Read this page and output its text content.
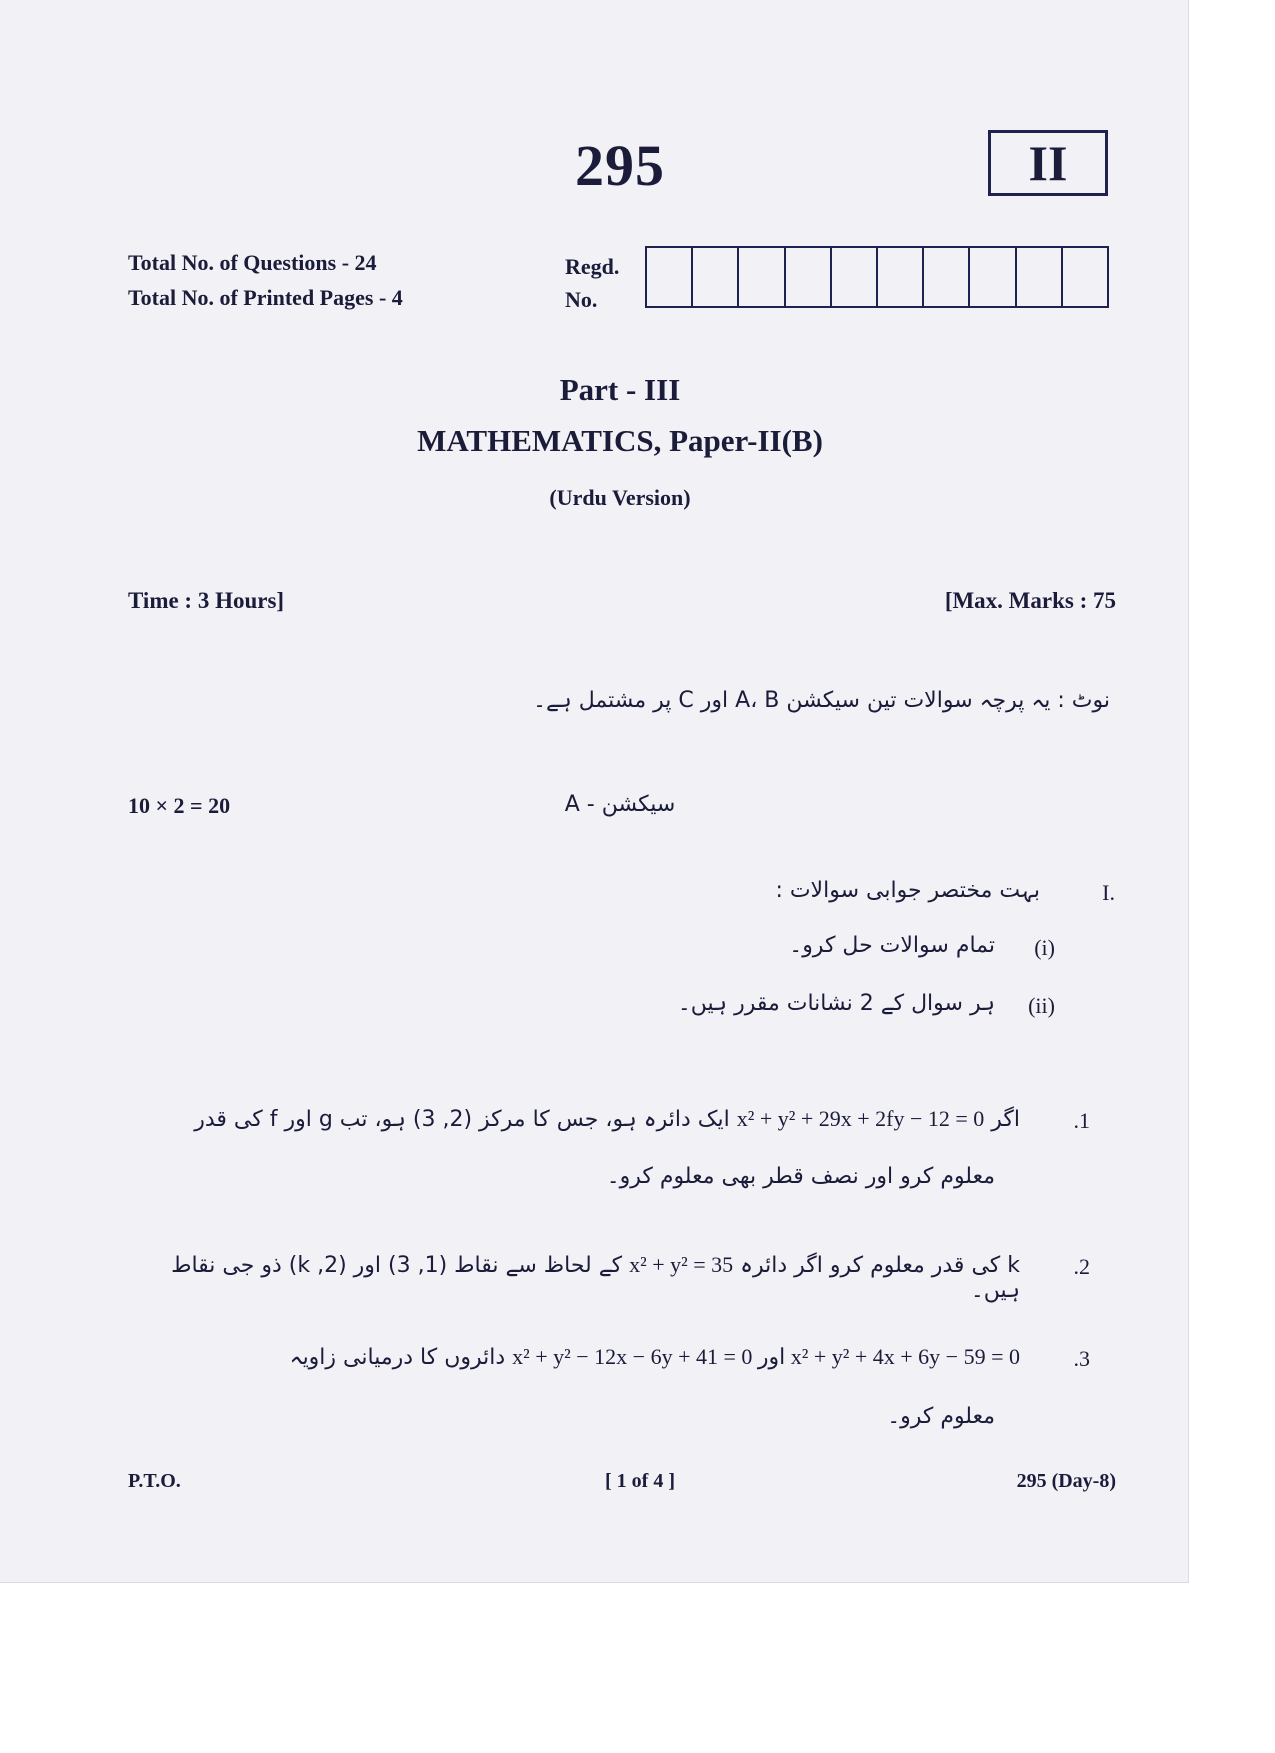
295	II
Total No. of Questions - 24
Total No. of Printed Pages - 4
Regd.
No.
Part - III
MATHEMATICS, Paper-II(B)
(Urdu Version)
Time : 3 Hours]	[Max. Marks : 75
نوٹ : یہ پرچہ سوالات تین سیکشن A، B اور C پر مشتمل ہے۔
10 × 2 = 20	سیکشن - A
I.
بہت مختصر جوابی سوالات :
(i)
تمام سوالات حل کرو۔
(ii)
ہر سوال کے 2 نشانات مقرر ہیں۔
.1
اگر x² + y² + 29x + 2fy − 12 = 0 ایک دائرہ ہو، جس کا مرکز (2, 3) ہو، تب g اور f کی قدر
معلوم کرو اور نصف قطر بھی معلوم کرو۔
.2
k کی قدر معلوم کرو اگر دائرہ x² + y² = 35 کے لحاظ سے نقاط (1, 3) اور (2, k) ذو جی نقاط ہیں۔
.3
x² + y² − 12x − 6y + 41 = 0 اور x² + y² + 4x + 6y − 59 = 0 دائروں کا درمیانی زاویہ
معلوم کرو۔
P.T.O.	[ 1 of 4 ]	295 (Day-8)
